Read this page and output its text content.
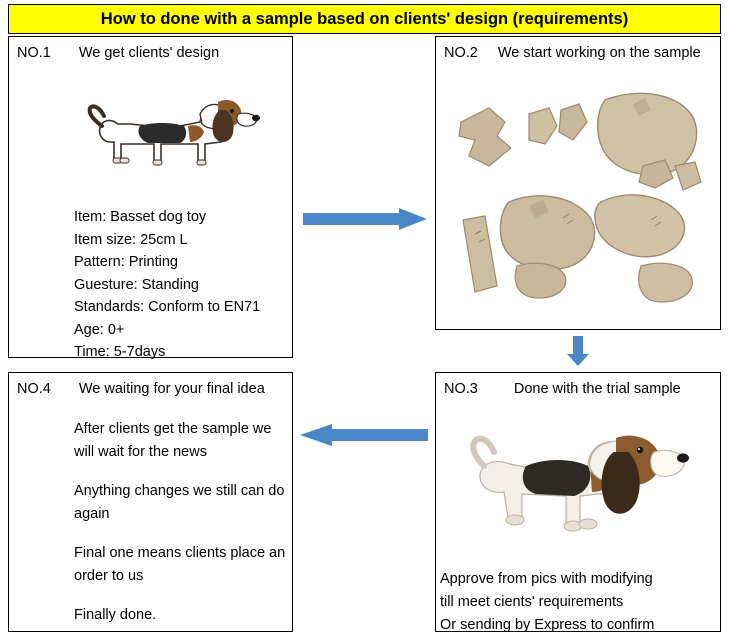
How to done with a sample based on clients' design (requirements)
NO.1 We get clients' design
Item: Basset dog toy
Item size: 25cm L
Pattern: Printing
Guesture: Standing
Standards: Conform to EN71
Age: 0+
Time: 5-7days
NO.2 We start working on the sample
NO.3 Done with the trial sample
Approve from pics with modifying
till meet cients' requirements
Or sending by Express to confirm
NO.4 We waiting for your final idea

After clients get the sample we will wait for the news

Anything changes we still can do again

Final one means clients place an order to us

Finally done.
